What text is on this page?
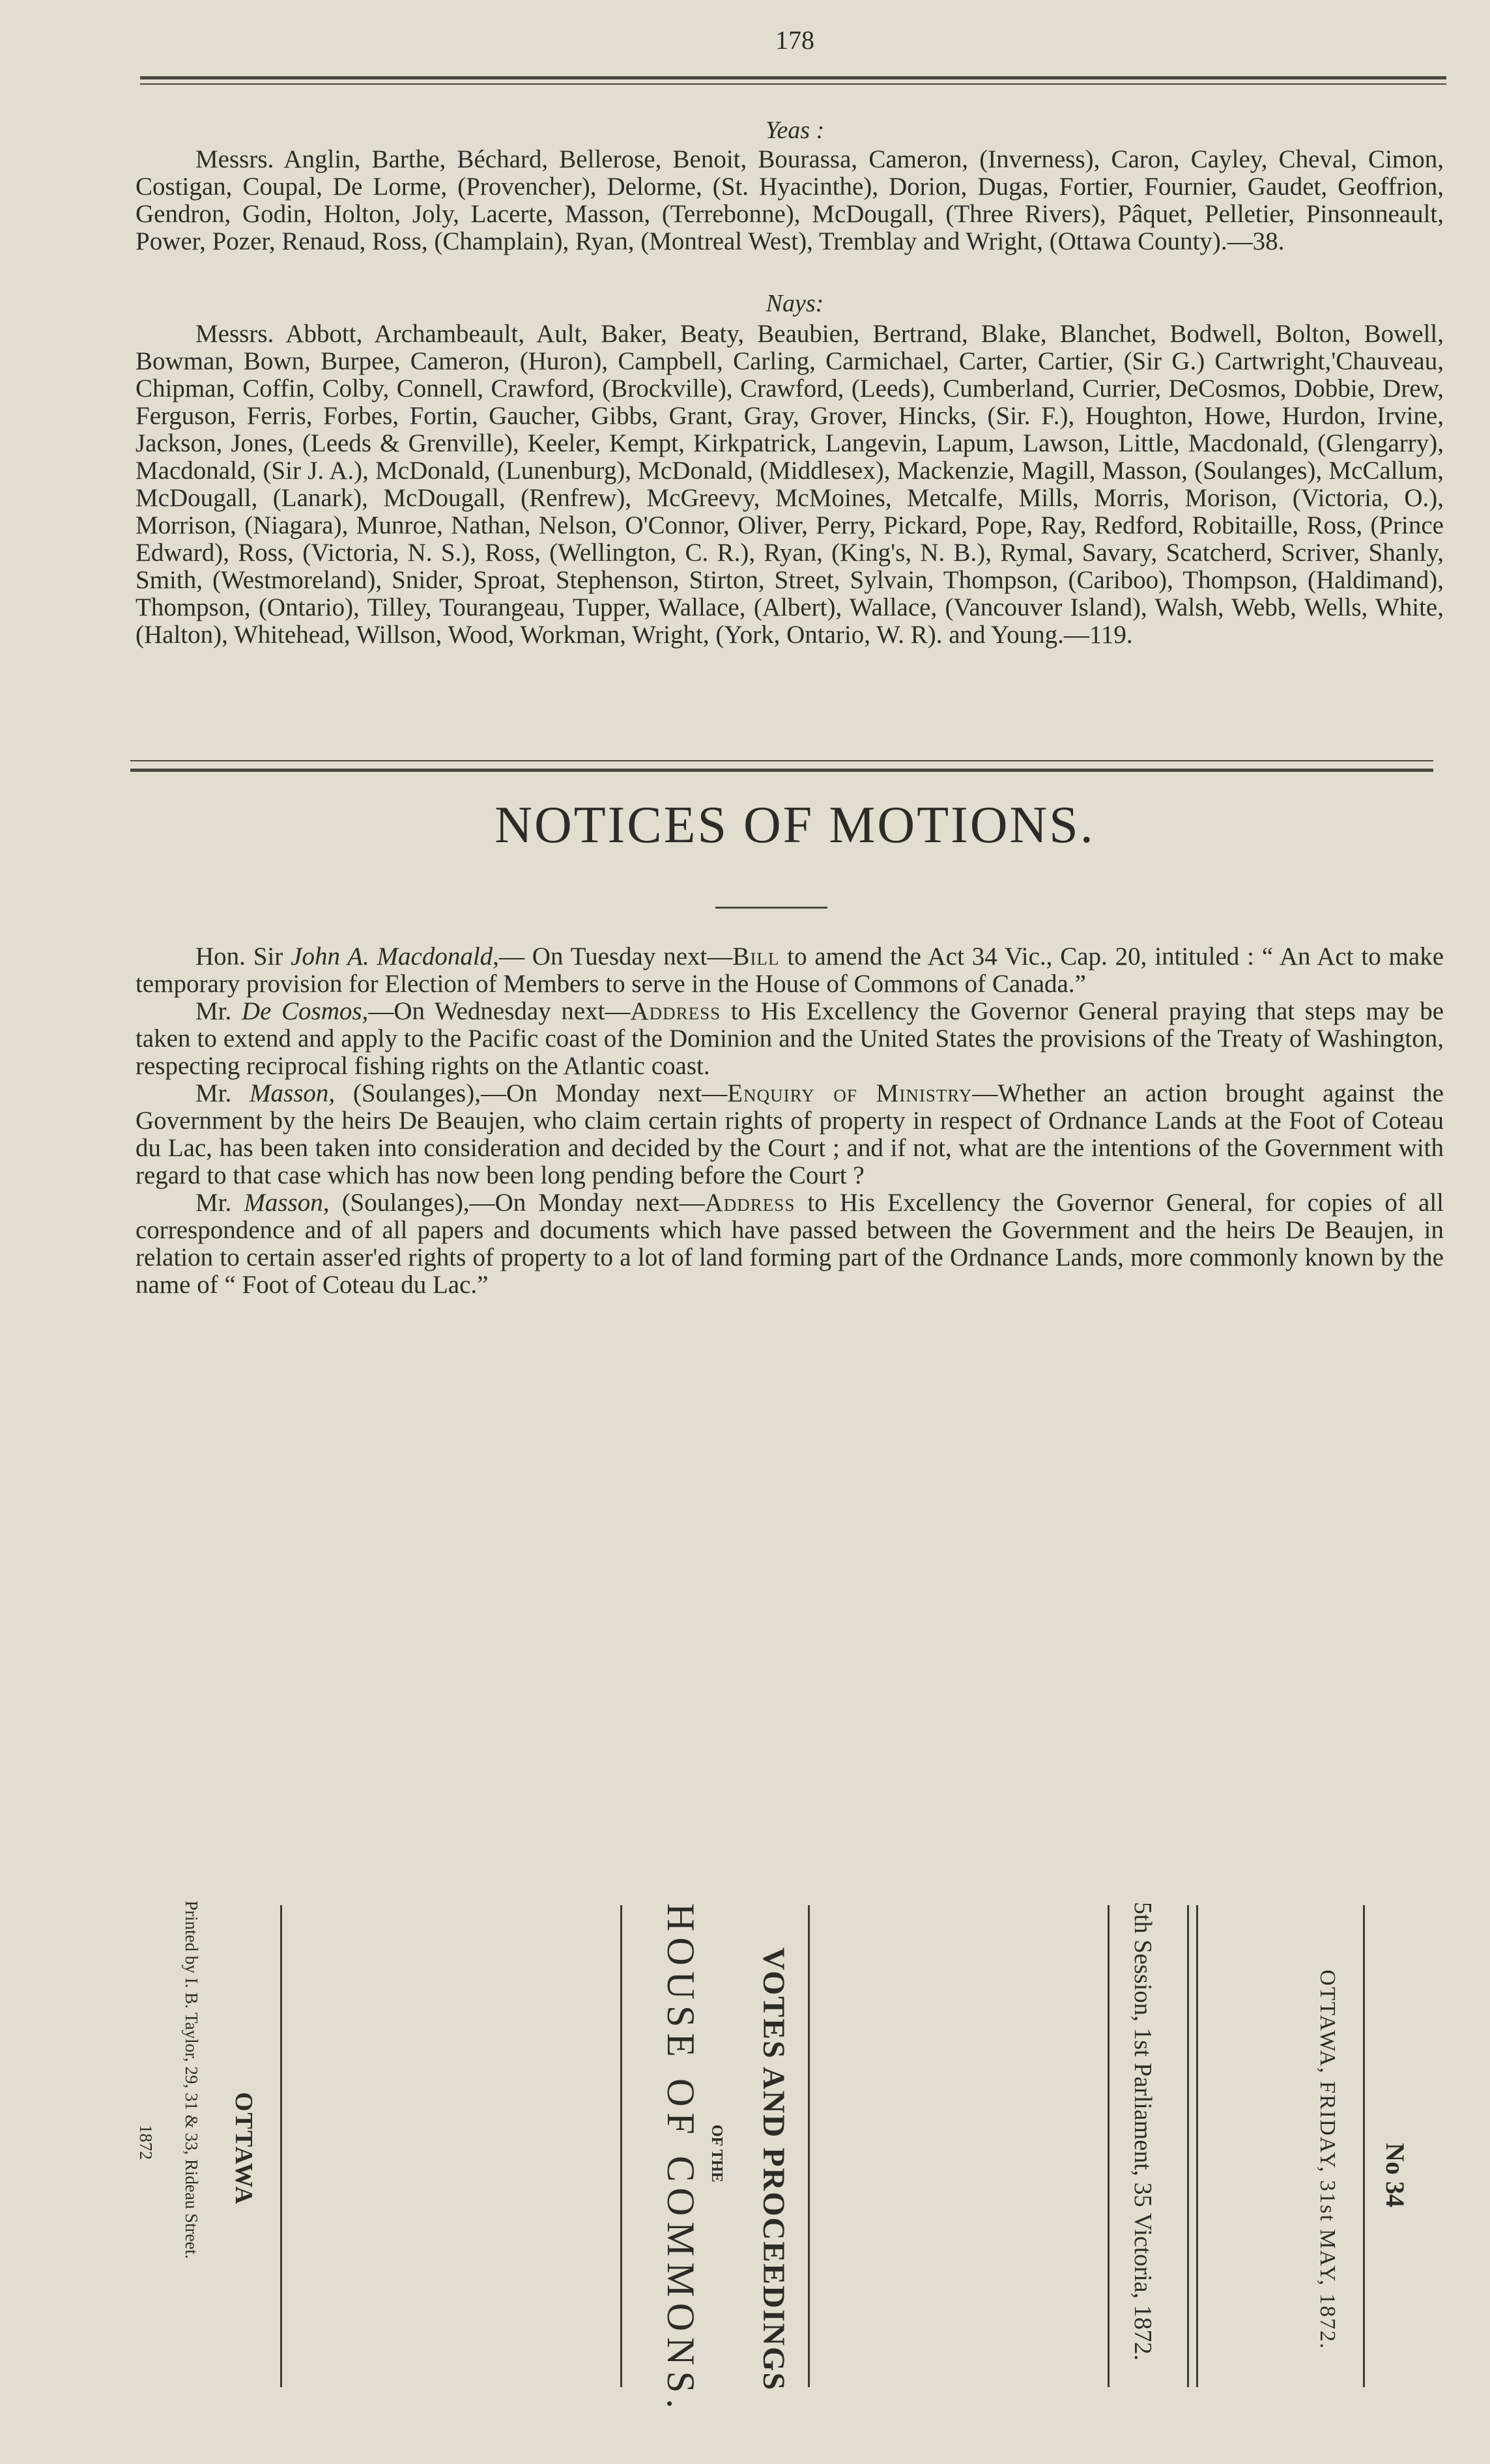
178
Yeas :
Messrs. Anglin, Barthe, Béchard, Bellerose, Benoit, Bourassa, Cameron, (Inverness), Caron, Cayley, Cheval, Cimon, Costigan, Coupal, De Lorme, (Provencher), Delorme, (St. Hyacinthe), Dorion, Dugas, Fortier, Fournier, Gaudet, Geoffrion, Gendron, Godin, Holton, Joly, Lacerte, Masson, (Terrebonne), McDougall, (Three Rivers), Pâquet, Pelletier, Pinsonneault, Power, Pozer, Renaud, Ross, (Champlain), Ryan, (Montreal West), Tremblay and Wright, (Ottawa County).—38.
Nays:
Messrs. Abbott, Archambeault, Ault, Baker, Beaty, Beaubien, Bertrand, Blake, Blanchet, Bodwell, Bolton, Bowell, Bowman, Bown, Burpee, Cameron, (Huron), Campbell, Carling, Carmichael, Carter, Cartier, (Sir G.) Cartwright,'Chauveau, Chipman, Coffin, Colby, Connell, Crawford, (Brockville), Crawford, (Leeds), Cumberland, Currier, DeCosmos, Dobbie, Drew, Ferguson, Ferris, Forbes, Fortin, Gaucher, Gibbs, Grant, Gray, Grover, Hincks, (Sir. F.), Houghton, Howe, Hurdon, Irvine, Jackson, Jones, (Leeds & Grenville), Keeler, Kempt, Kirkpatrick, Langevin, Lapum, Lawson, Little, Macdonald, (Glengarry), Macdonald, (Sir J. A.), McDonald, (Lunenburg), McDonald, (Middlesex), Mackenzie, Magill, Masson, (Soulanges), McCallum, McDougall, (Lanark), McDougall, (Renfrew), McGreevy, McMoines, Metcalfe, Mills, Morris, Morison, (Victoria, O.), Morrison, (Niagara), Munroe, Nathan, Nelson, O'Connor, Oliver, Perry, Pickard, Pope, Ray, Redford, Robitaille, Ross, (Prince Edward), Ross, (Victoria, N. S.), Ross, (Wellington, C. R.), Ryan, (King's, N. B.), Rymal, Savary, Scatcherd, Scriver, Shanly, Smith, (Westmoreland), Snider, Sproat, Stephenson, Stirton, Street, Sylvain, Thompson, (Cariboo), Thompson, (Haldimand), Thompson, (Ontario), Tilley, Tourangeau, Tupper, Wallace, (Albert), Wallace, (Vancouver Island), Walsh, Webb, Wells, White, (Halton), Whitehead, Willson, Wood, Workman, Wright, (York, Ontario, W. R). and Young.—119.
NOTICES OF MOTIONS.

Hon. Sir John A. Macdonald,— On Tuesday next—Bill to amend the Act 34 Vic., Cap. 20, intituled : “ An Act to make temporary provision for Election of Members to serve in the House of Commons of Canada.”

Mr. De Cosmos,—On Wednesday next—Address to His Excellency the Governor General praying that steps may be taken to extend and apply to the Pacific coast of the Dominion and the United States the provisions of the Treaty of Washington, respecting reciprocal fishing rights on the Atlantic coast.

Mr. Masson, (Soulanges),—On Monday next—Enquiry of Ministry—Whether an action brought against the Government by the heirs De Beaujen, who claim certain rights of property in respect of Ordnance Lands at the Foot of Coteau du Lac, has been taken into consideration and decided by the Court ; and if not, what are the intentions of the Government with regard to that case which has now been long pending before the Court ?

Mr. Masson, (Soulanges),—On Monday next—Address to His Excellency the Governor General, for copies of all correspondence and of all papers and documents which have passed between the Government and the heirs De Beaujen, in relation to certain asser'ed rights of property to a lot of land forming part of the Ordnance Lands, more commonly known by the name of “ Foot of Coteau du Lac.”

No 34
OTTAWA, FRIDAY, 31st MAY, 1872.
5th Session, 1st Parliament, 35 Victoria, 1872.
VOTES AND PROCEEDINGS
OF THE
HOUSE OF COMMONS.
OTTAWA
Printed by I. B. Taylor, 29, 31 & 33, Rideau Street.
1872
